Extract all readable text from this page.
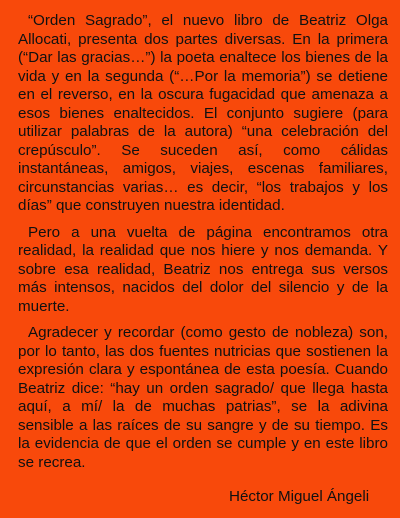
“Orden Sagrado”, el nuevo libro de Beatriz Olga Allocati, presenta dos partes diversas. En la primera (“Dar las gracias…”) la poeta enaltece los bienes de la vida y en la segunda (“…Por la memoria”) se detiene en el reverso, en la oscura fugacidad que amenaza a esos bienes enaltecidos. El conjunto sugiere (para utilizar palabras de la autora) “una celebración del crepúsculo”. Se suceden así, como cálidas instantáneas, amigos, viajes, escenas familiares, circunstancias varias… es decir, “los trabajos y los días” que construyen nuestra identidad.

Pero a una vuelta de página encontramos otra realidad, la realidad que nos hiere y nos demanda. Y sobre esa realidad, Beatriz nos entrega sus versos más intensos, nacidos del dolor del silencio y de la muerte.

Agradecer y recordar (como gesto de nobleza) son, por lo tanto, las dos fuentes nutricias que sostienen la expresión clara y espontánea de esta poesía. Cuando Beatriz dice: “hay un orden sagrado/ que llega hasta aquí, a mí/ la de muchas patrias”, se la adivina sensible a las raíces de su sangre y de su tiempo. Es la evidencia de que el orden se cumple y en este libro se recrea.

Héctor Miguel Ángeli
